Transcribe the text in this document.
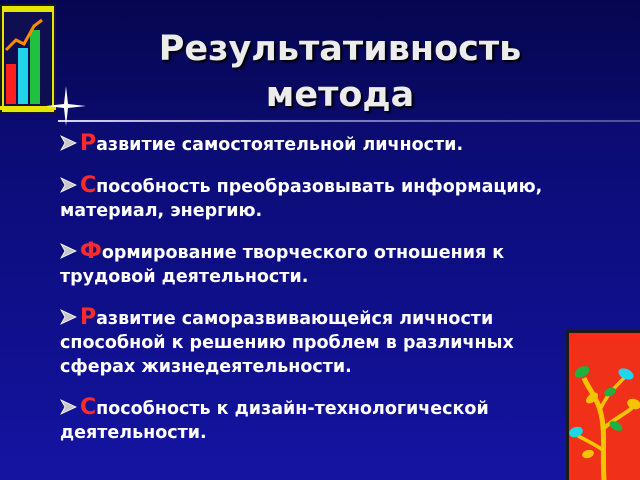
Результативность
метода
Развитие самостоятельной личности.
Способность преобразовывать информацию, материал, энергию.
Формирование творческого отношения к трудовой деятельности.
Развитие саморазвивающейся личности способной к решению проблем в различных сферах жизнедеятельности.
Способность к дизайн-технологической деятельности.
